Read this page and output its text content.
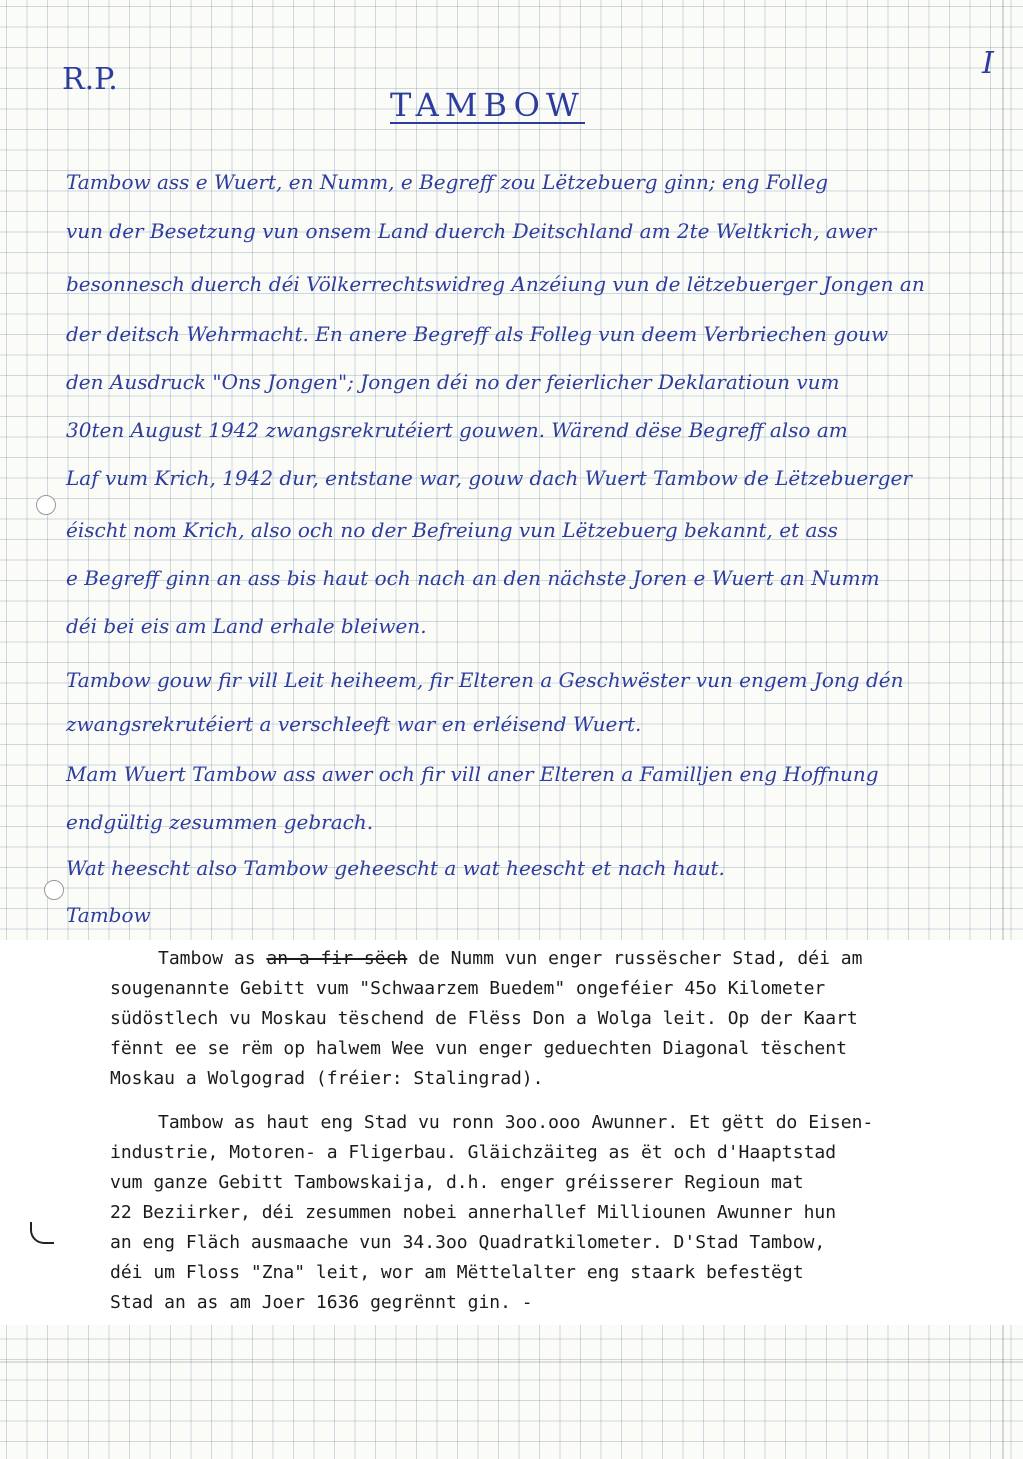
R.P.	I
TAMBOW
Tambow ass e Wuert, en Numm, e Begreff zou Lëtzebuerg ginn; eng Folleg
vun der Besetzung vun onsem Land duerch Deitschland am 2te Weltkrich, awer
besonnesch duerch déi Völkerrechtswidreg Anzéiung vun de lëtzebuerger Jongen an
der deitsch Wehrmacht. En anere Begreff als Folleg vun deem Verbriechen gouw
den Ausdruck "Ons Jongen"; Jongen déi no der feierlicher Deklaratioun vum
30ten August 1942 zwangsrekrutéiert gouwen. Wärend dëse Begreff also am
Laf vum Krich, 1942 dur, entstane war, gouw dach Wuert Tambow de Lëtzebuerger
éischt nom Krich, also och no der Befreiung vun Lëtzebuerg bekannt, et ass
e Begreff ginn an ass bis haut och nach an den nächste Joren e Wuert an Numm
déi bei eis am Land erhale bleiwen.
Tambow gouw fir vill Leit heiheem, fir Elteren a Geschwëster vun engem Jong dén
zwangsrekrutéiert a verschleeft war en erléisend Wuert.
Mam Wuert Tambow ass awer och fir vill aner Elteren a Familljen eng Hoffnung
endgültig zesummen gebrach.
Wat heescht also Tambow geheescht a wat heescht et nach haut.
Tambow
Tambow as an a fir sëch de Numm vun enger russëscher Stad, déi am
sougenannte Gebitt vum "Schwaarzem Buedem" ongeféier 45o Kilometer
südöstlech vu Moskau tëschend de Flëss Don a Wolga leit. Op der Kaart
fënnt ee se rëm op halwem Wee vun enger geduechten Diagonal tëschent
Moskau a Wolgograd (fréier: Stalingrad).
Tambow as haut eng Stad vu ronn 3oo.ooo Awunner. Et gëtt do Eisen-
industrie, Motoren- a Fligerbau. Gläichzäiteg as ët och d'Haaptstad
vum ganze Gebitt Tambowskaija, d.h. enger gréisserer Regioun mat
22 Beziirker, déi zesummen nobei annerhallef Milliounen Awunner hun
an eng Fläch ausmaache vun 34.3oo Quadratkilometer. D'Stad Tambow,
déi um Floss "Zna" leit, wor am Mëttelalter eng staark befestëgt
Stad an as am Joer 1636 gegrënnt gin. -
